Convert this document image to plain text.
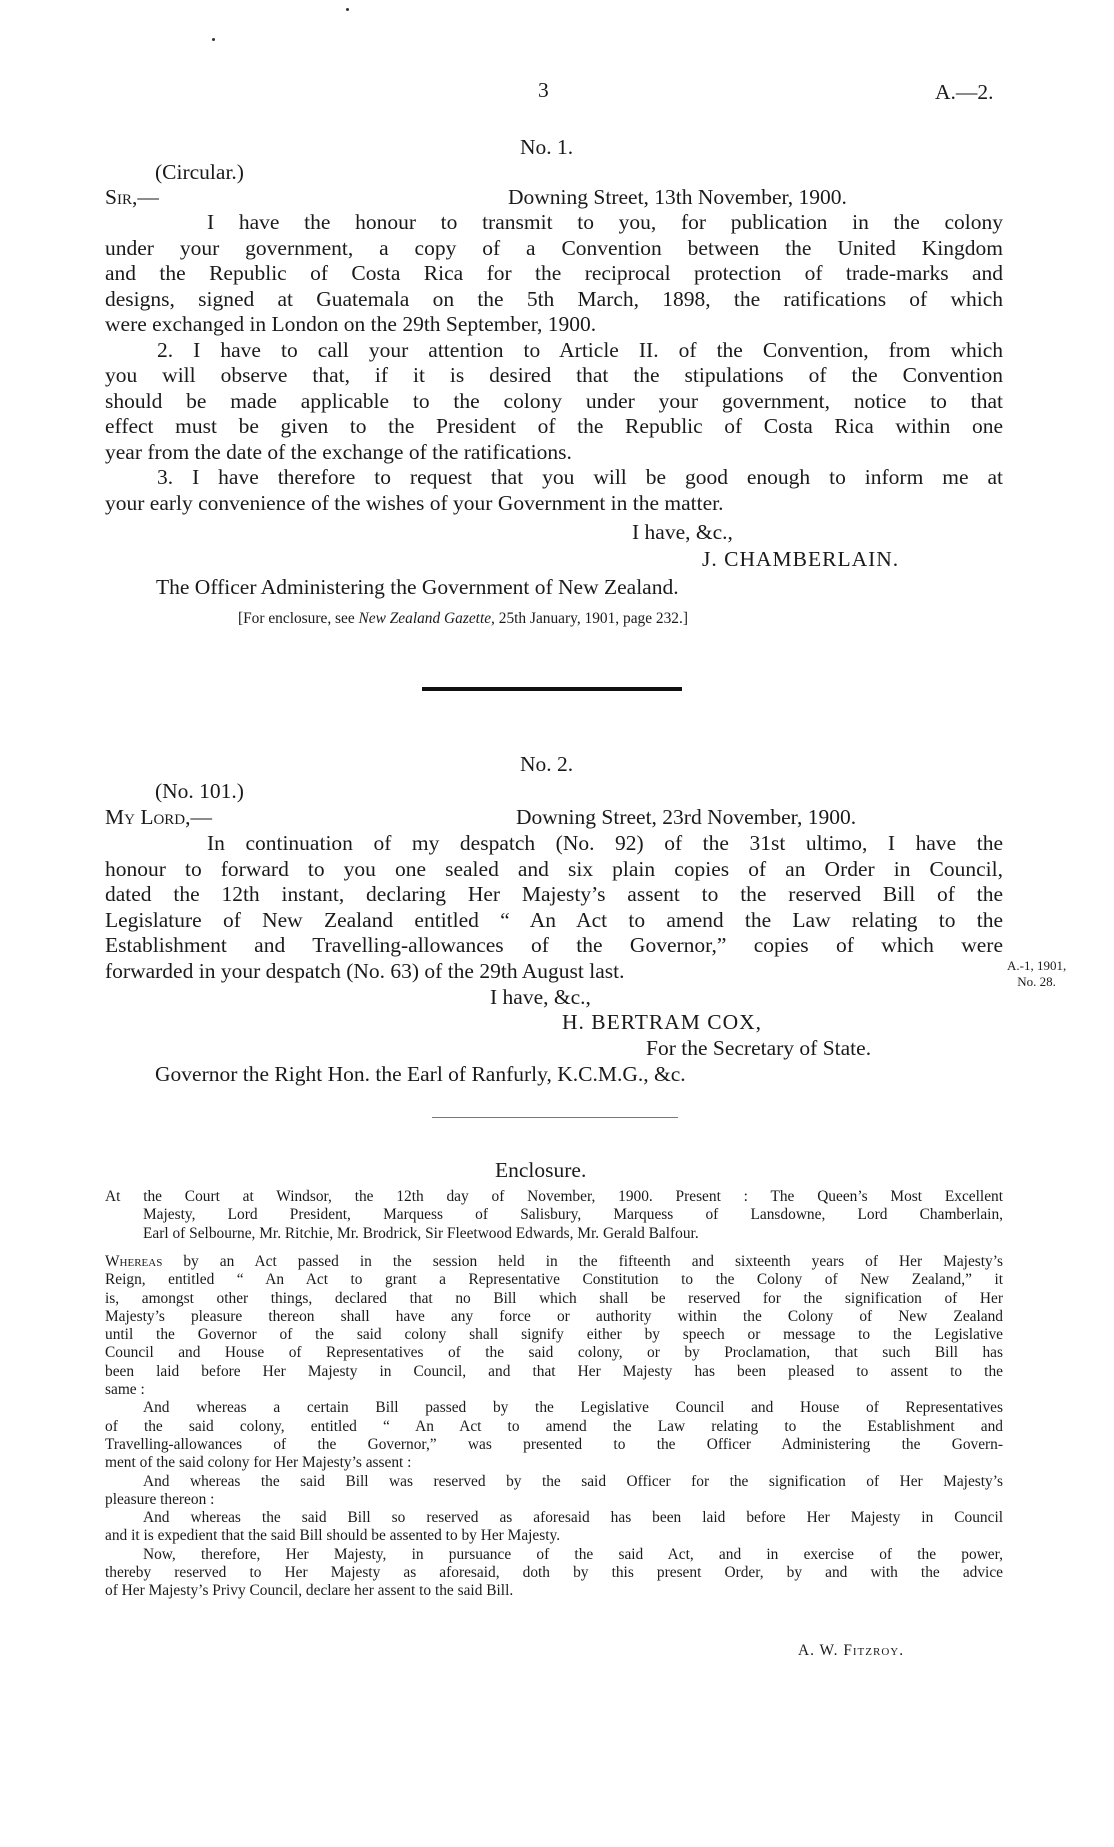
3	A.—2.
No. 1.
(Circular.)
Sir,—	Downing Street, 13th November, 1900.
I have the honour to transmit to you, for publication in the colony
under your government, a copy of a Convention between the United Kingdom
and the Republic of Costa Rica for the reciprocal protection of trade-marks and
designs, signed at Guatemala on the 5th March, 1898, the ratifications of which
were exchanged in London on the 29th September, 1900.
2. I have to call your attention to Article II. of the Convention, from which
you will observe that, if it is desired that the stipulations of the Convention
should be made applicable to the colony under your government, notice to that
effect must be given to the President of the Republic of Costa Rica within one
year from the date of the exchange of the ratifications.
3. I have therefore to request that you will be good enough to inform me at
your early convenience of the wishes of your Government in the matter.
I have, &c.,
J. CHAMBERLAIN.
The Officer Administering the Government of New Zealand.
[For enclosure, see New Zealand Gazette, 25th January, 1901, page 232.]
No. 2.
(No. 101.)
My Lord,—	Downing Street, 23rd November, 1900.
In continuation of my despatch (No. 92) of the 31st ultimo, I have the
honour to forward to you one sealed and six plain copies of an Order in Council,
dated the 12th instant, declaring Her Majesty’s assent to the reserved Bill of the
Legislature of New Zealand entitled “ An Act to amend the Law relating to the
Establishment and Travelling-allowances of the Governor,” copies of which were
forwarded in your despatch (No. 63) of the 29th August last.	A.-1, 1901,
No. 28.
I have, &c.,
H. BERTRAM COX,
For the Secretary of State.
Governor the Right Hon. the Earl of Ranfurly, K.C.M.G., &c.
Enclosure.
At the Court at Windsor, the 12th day of November, 1900. Present : The Queen’s Most Excellent
Majesty, Lord President, Marquess of Salisbury, Marquess of Lansdowne, Lord Chamberlain,
Earl of Selbourne, Mr. Ritchie, Mr. Brodrick, Sir Fleetwood Edwards, Mr. Gerald Balfour.
Whereas by an Act passed in the session held in the fifteenth and sixteenth years of Her Majesty’s
Reign, entitled “ An Act to grant a Representative Constitution to the Colony of New Zealand,” it
is, amongst other things, declared that no Bill which shall be reserved for the signification of Her
Majesty’s pleasure thereon shall have any force or authority within the Colony of New Zealand
until the Governor of the said colony shall signify either by speech or message to the Legislative
Council and House of Representatives of the said colony, or by Proclamation, that such Bill has
been laid before Her Majesty in Council, and that Her Majesty has been pleased to assent to the
same :
And whereas a certain Bill passed by the Legislative Council and House of Representatives
of the said colony, entitled “ An Act to amend the Law relating to the Establishment and
Travelling-allowances of the Governor,” was presented to the Officer Administering the Govern-
ment of the said colony for Her Majesty’s assent :
And whereas the said Bill was reserved by the said Officer for the signification of Her Majesty’s
pleasure thereon :
And whereas the said Bill so reserved as aforesaid has been laid before Her Majesty in Council
and it is expedient that the said Bill should be assented to by Her Majesty.
Now, therefore, Her Majesty, in pursuance of the said Act, and in exercise of the power,
thereby reserved to Her Majesty as aforesaid, doth by this present Order, by and with the advice
of Her Majesty’s Privy Council, declare her assent to the said Bill.
A. W. Fitzroy.
